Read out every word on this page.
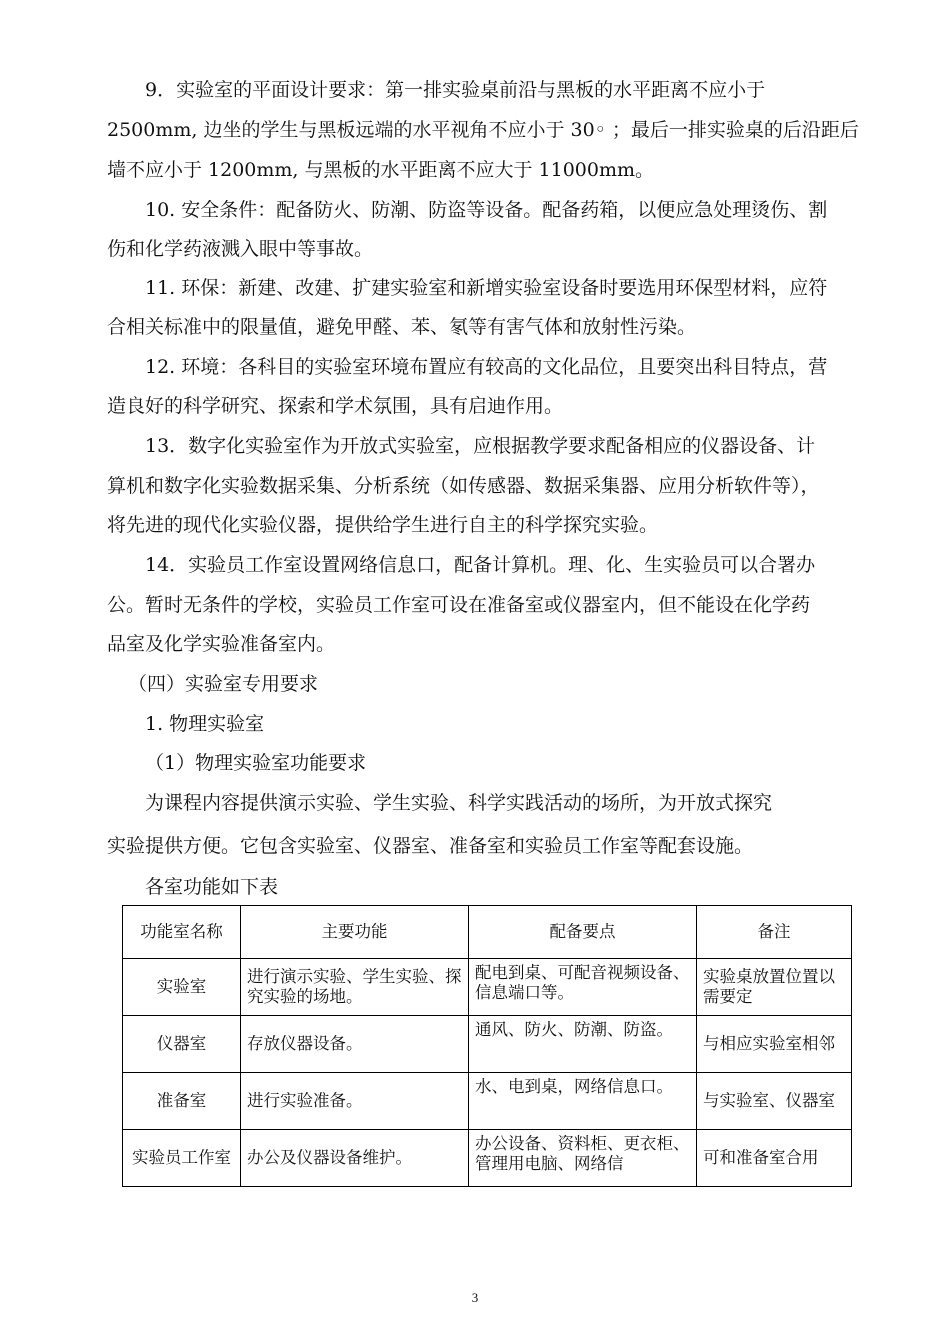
9．实验室的平面设计要求：第一排实验桌前沿与黑板的水平距离不应小于
2500mm, 边坐的学生与黑板远端的水平视角不应小于 30◦ ；最后一排实验桌的后沿距后
墙不应小于 1200mm, 与黑板的水平距离不应大于 11000mm。
10. 安全条件：配备防火、防潮、防盗等设备。配备药箱，以便应急处理烫伤、割
伤和化学药液溅入眼中等事故。
11. 环保：新建、改建、扩建实验室和新增实验室设备时要选用环保型材料，应符
合相关标准中的限量值，避免甲醛、苯、氡等有害气体和放射性污染。
12. 环境：各科目的实验室环境布置应有较高的文化品位，且要突出科目特点，营
造良好的科学研究、探索和学术氛围，具有启迪作用。
13．数字化实验室作为开放式实验室，应根据教学要求配备相应的仪器设备、计
算机和数字化实验数据采集、分析系统（如传感器、数据采集器、应用分析软件等），
将先进的现代化实验仪器，提供给学生进行自主的科学探究实验。
14．实验员工作室设置网络信息口，配备计算机。理、化、生实验员可以合署办
公。暂时无条件的学校，实验员工作室可设在准备室或仪器室内，但不能设在化学药
品室及化学实验准备室内。
（四）实验室专用要求
1. 物理实验室
（1）物理实验室功能要求
为课程内容提供演示实验、学生实验、科学实践活动的场所，为开放式探究
实验提供方便。它包含实验室、仪器室、准备室和实验员工作室等配套设施。
各室功能如下表
功能室名称	主要功能	配备要点	备注
实验室	进行演示实验、学生实验、探究实验的场地。	配电到桌、可配音视频设备、信息端口等。	实验桌放置位置以需要定

仪器室	存放仪器设备。	通风、防火、防潮、防盗。	与相应实验室相邻

准备室	进行实验准备。	水、电到桌，网络信息口。	与实验室、仪器室

实验员工作室	办公及仪器设备维护。	办公设备、资料柜、更衣柜、管理用电脑、网络信	可和准备室合用
3
